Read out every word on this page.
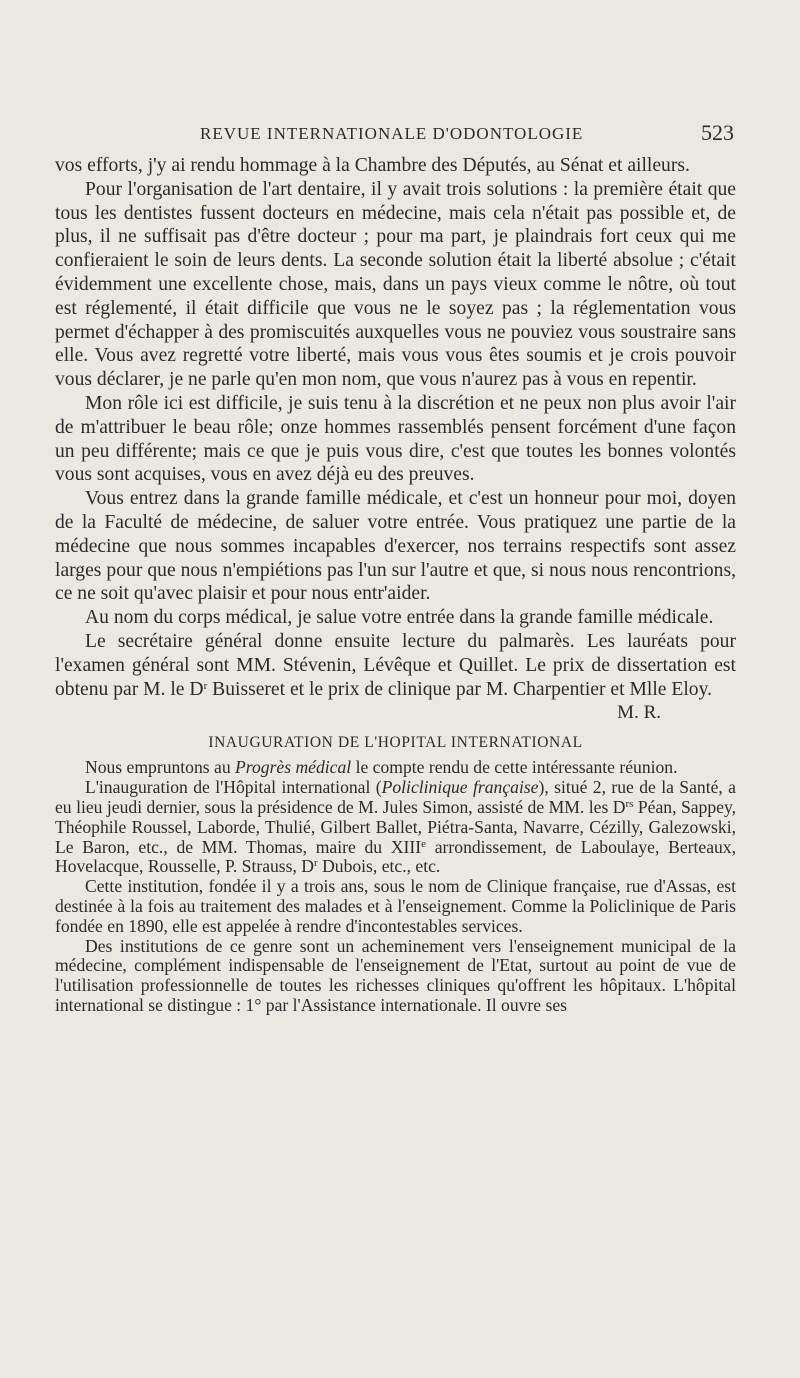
REVUE INTERNATIONALE D'ODONTOLOGIE	523

vos efforts, j'y ai rendu hommage à la Chambre des Députés, au Sénat et ailleurs.

Pour l'organisation de l'art dentaire, il y avait trois solutions : la première était que tous les dentistes fussent docteurs en médecine, mais cela n'était pas possible et, de plus, il ne suffisait pas d'être docteur ; pour ma part, je plaindrais fort ceux qui me confieraient le soin de leurs dents. La seconde solution était la liberté absolue ; c'était évidemment une excellente chose, mais, dans un pays vieux comme le nôtre, où tout est réglementé, il était difficile que vous ne le soyez pas ; la réglementation vous permet d'échapper à des promiscuités auxquelles vous ne pouviez vous soustraire sans elle. Vous avez regretté votre liberté, mais vous vous êtes soumis et je crois pouvoir vous déclarer, je ne parle qu'en mon nom, que vous n'aurez pas à vous en repentir.

Mon rôle ici est difficile, je suis tenu à la discrétion et ne peux non plus avoir l'air de m'attribuer le beau rôle; onze hommes rassemblés pensent forcément d'une façon un peu différente; mais ce que je puis vous dire, c'est que toutes les bonnes volontés vous sont acquises, vous en avez déjà eu des preuves.

Vous entrez dans la grande famille médicale, et c'est un honneur pour moi, doyen de la Faculté de médecine, de saluer votre entrée. Vous pratiquez une partie de la médecine que nous sommes incapables d'exercer, nos terrains respectifs sont assez larges pour que nous n'empiétions pas l'un sur l'autre et que, si nous nous rencontrions, ce ne soit qu'avec plaisir et pour nous entr'aider.

Au nom du corps médical, je salue votre entrée dans la grande famille médicale.

Le secrétaire général donne ensuite lecture du palmarès. Les lauréats pour l'examen général sont MM. Stévenin, Lévêque et Quillet. Le prix de dissertation est obtenu par M. le $D^r$ Buisseret et le prix de clinique par M. Charpentier et Mlle Eloy.

M. R.

INAUGURATION DE L'HOPITAL INTERNATIONAL

Nous empruntons au Progrès médical le compte rendu de cette intéressante réunion.

L'inauguration de l'Hôpital international (Policlinique française), situé 2, rue de la Santé, a eu lieu jeudi dernier, sous la présidence de M. Jules Simon, assisté de MM. les $D^{rs}$ Péan, Sappey, Théophile Roussel, Laborde, Thulié, Gilbert Ballet, Piétra-Santa, Navarre, Cézilly, Galezowski, Le Baron, etc., de MM. Thomas, maire du XIIIe arrondissement, de Laboulaye, Berteaux, Hovelacque, Rousselle, P. Strauss, $D^r$ Dubois, etc., etc.

Cette institution, fondée il y a trois ans, sous le nom de Clinique française, rue d'Assas, est destinée à la fois au traitement des malades et à l'enseignement. Comme la Policlinique de Paris fondée en 1890, elle est appelée à rendre d'incontestables services.

Des institutions de ce genre sont un acheminement vers l'enseignement municipal de la médecine, complément indispensable de l'enseignement de l'Etat, surtout au point de vue de l'utilisation professionnelle de toutes les richesses cliniques qu'offrent les hôpitaux. L'hôpital international se distingue : 1° par l'Assistance internationale. Il ouvre ses
